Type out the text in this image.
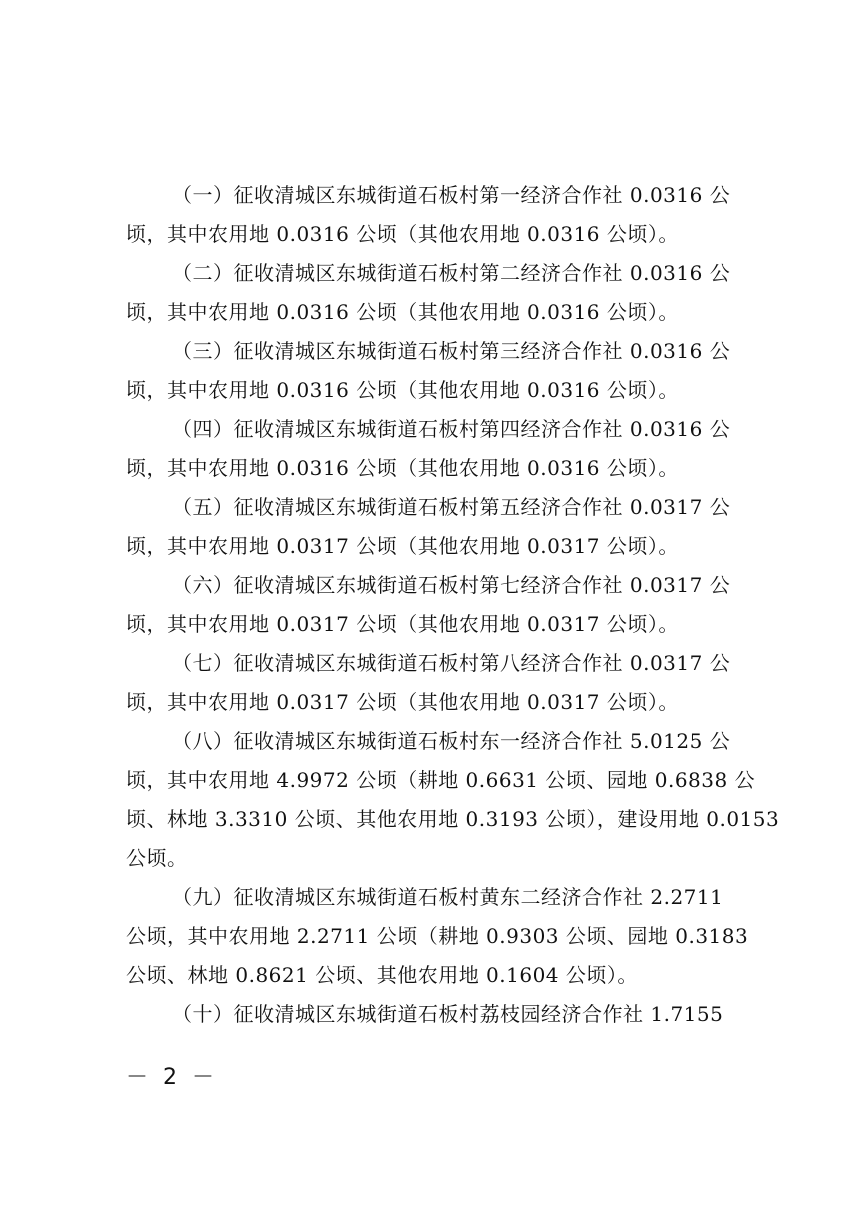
（一）征收清城区东城街道石板村第一经济合作社 0.0316 公
顷，其中农用地 0.0316 公顷（其他农用地 0.0316 公顷）。
（二）征收清城区东城街道石板村第二经济合作社 0.0316 公
顷，其中农用地 0.0316 公顷（其他农用地 0.0316 公顷）。
（三）征收清城区东城街道石板村第三经济合作社 0.0316 公
顷，其中农用地 0.0316 公顷（其他农用地 0.0316 公顷）。
（四）征收清城区东城街道石板村第四经济合作社 0.0316 公
顷，其中农用地 0.0316 公顷（其他农用地 0.0316 公顷）。
（五）征收清城区东城街道石板村第五经济合作社 0.0317 公
顷，其中农用地 0.0317 公顷（其他农用地 0.0317 公顷）。
（六）征收清城区东城街道石板村第七经济合作社 0.0317 公
顷，其中农用地 0.0317 公顷（其他农用地 0.0317 公顷）。
（七）征收清城区东城街道石板村第八经济合作社 0.0317 公
顷，其中农用地 0.0317 公顷（其他农用地 0.0317 公顷）。
（八）征收清城区东城街道石板村东一经济合作社 5.0125 公
顷，其中农用地 4.9972 公顷（耕地 0.6631 公顷、园地 0.6838 公
顷、林地 3.3310 公顷、其他农用地 0.3193 公顷），建设用地 0.0153
公顷。
（九）征收清城区东城街道石板村黄东二经济合作社 2.2711
公顷，其中农用地 2.2711 公顷（耕地 0.9303 公顷、园地 0.3183
公顷、林地 0.8621 公顷、其他农用地 0.1604 公顷）。
（十）征收清城区东城街道石板村荔枝园经济合作社 1.7155
－ 2 －
